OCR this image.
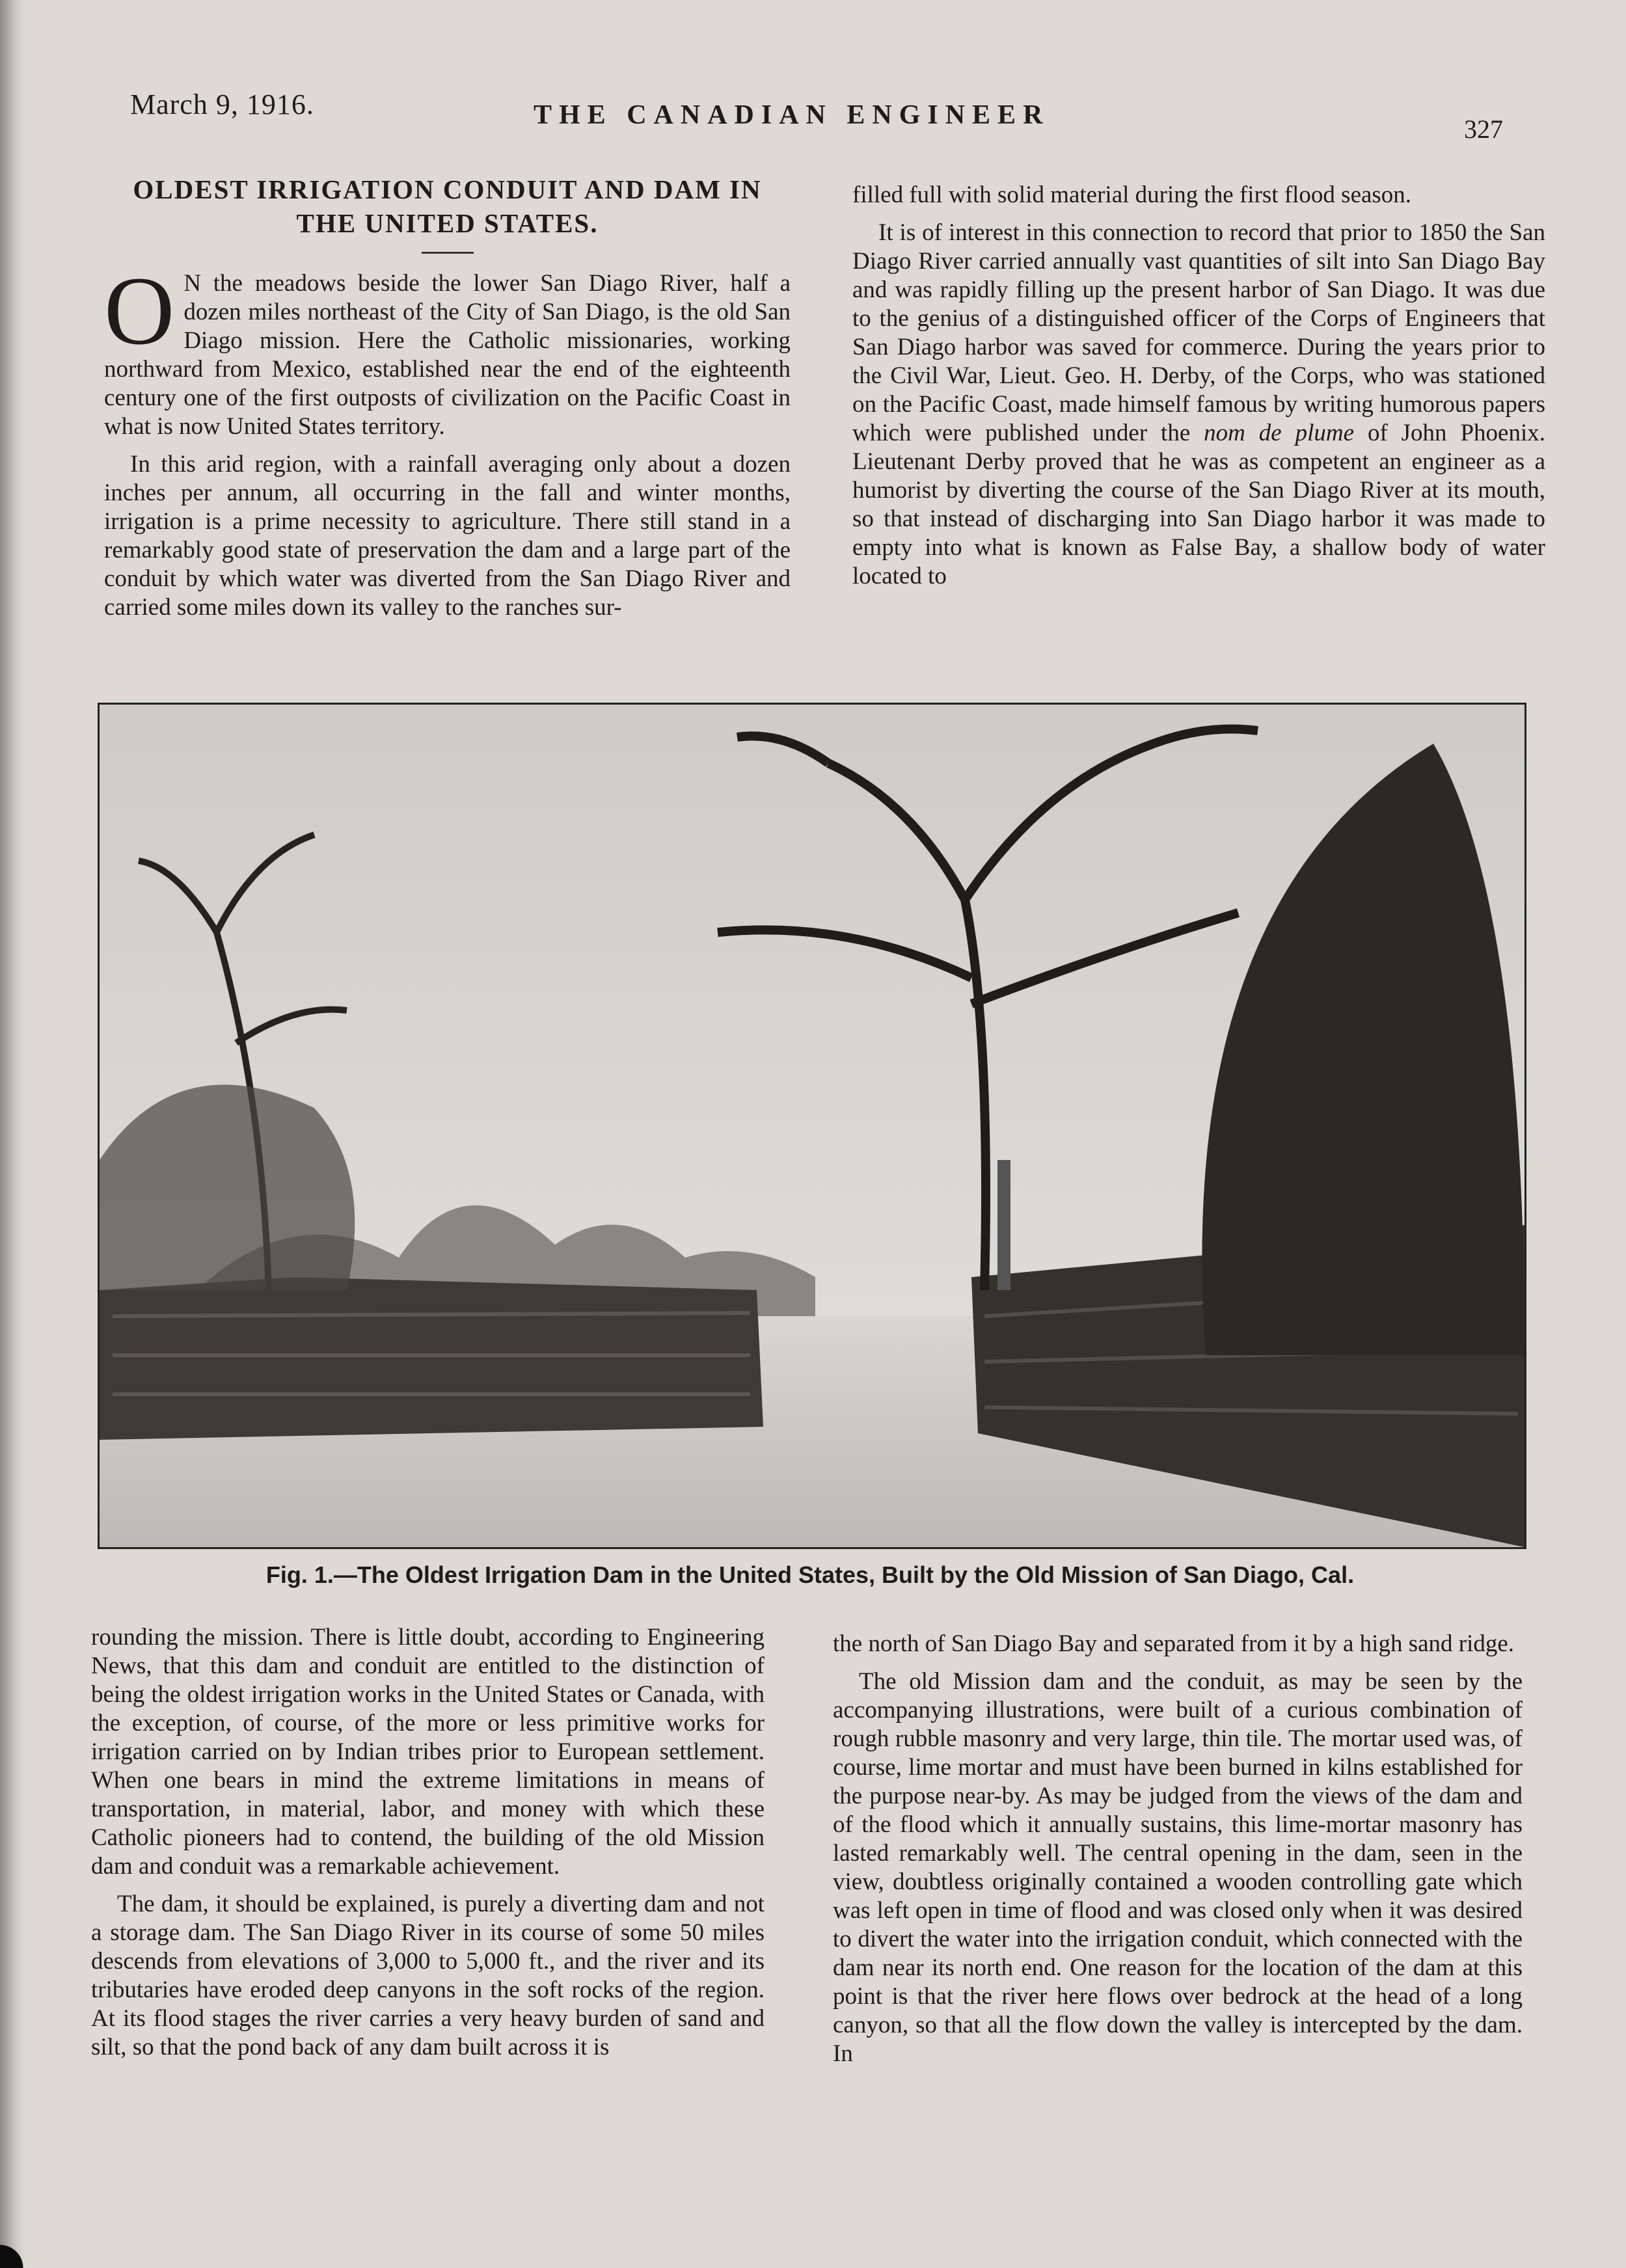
March 9, 1916.	THE CANADIAN ENGINEER	327
OLDEST IRRIGATION CONDUIT AND DAM IN
THE UNITED STATES.

O N the meadows beside the lower San Diago River, half a dozen miles northeast of the City of San Diago, is the old San Diago mission. Here the Catholic missionaries, working northward from Mexico, established near the end of the eighteenth century one of the first outposts of civilization on the Pacific Coast in what is now United States territory.

In this arid region, with a rainfall averaging only about a dozen inches per annum, all occurring in the fall and winter months, irrigation is a prime necessity to agriculture. There still stand in a remarkably good state of preservation the dam and a large part of the conduit by which water was diverted from the San Diago River and carried some miles down its valley to the ranches sur-

filled full with solid material during the first flood season.

It is of interest in this connection to record that prior to 1850 the San Diago River carried annually vast quantities of silt into San Diago Bay and was rapidly filling up the present harbor of San Diago. It was due to the genius of a distinguished officer of the Corps of Engineers that San Diago harbor was saved for commerce. During the years prior to the Civil War, Lieut. Geo. H. Derby, of the Corps, who was stationed on the Pacific Coast, made himself famous by writing humorous papers which were published under the nom de plume of John Phoenix. Lieutenant Derby proved that he was as competent an engineer as a humorist by diverting the course of the San Diago River at its mouth, so that instead of discharging into San Diago harbor it was made to empty into what is known as False Bay, a shallow body of water located to

Fig. 1.—The Oldest Irrigation Dam in the United States, Built by the Old Mission of San Diago, Cal.

rounding the mission. There is little doubt, according to Engineering News, that this dam and conduit are entitled to the distinction of being the oldest irrigation works in the United States or Canada, with the exception, of course, of the more or less primitive works for irrigation carried on by Indian tribes prior to European settlement. When one bears in mind the extreme limitations in means of transportation, in material, labor, and money with which these Catholic pioneers had to contend, the building of the old Mission dam and conduit was a remarkable achievement.

The dam, it should be explained, is purely a diverting dam and not a storage dam. The San Diago River in its course of some 50 miles descends from elevations of 3,000 to 5,000 ft., and the river and its tributaries have eroded deep canyons in the soft rocks of the region. At its flood stages the river carries a very heavy burden of sand and silt, so that the pond back of any dam built across it is

the north of San Diago Bay and separated from it by a high sand ridge.

The old Mission dam and the conduit, as may be seen by the accompanying illustrations, were built of a curious combination of rough rubble masonry and very large, thin tile. The mortar used was, of course, lime mortar and must have been burned in kilns established for the purpose near-by. As may be judged from the views of the dam and of the flood which it annually sustains, this lime-mortar masonry has lasted remarkably well. The central opening in the dam, seen in the view, doubtless originally contained a wooden controlling gate which was left open in time of flood and was closed only when it was desired to divert the water into the irrigation conduit, which connected with the dam near its north end. One reason for the location of the dam at this point is that the river here flows over bedrock at the head of a long canyon, so that all the flow down the valley is intercepted by the dam. In
